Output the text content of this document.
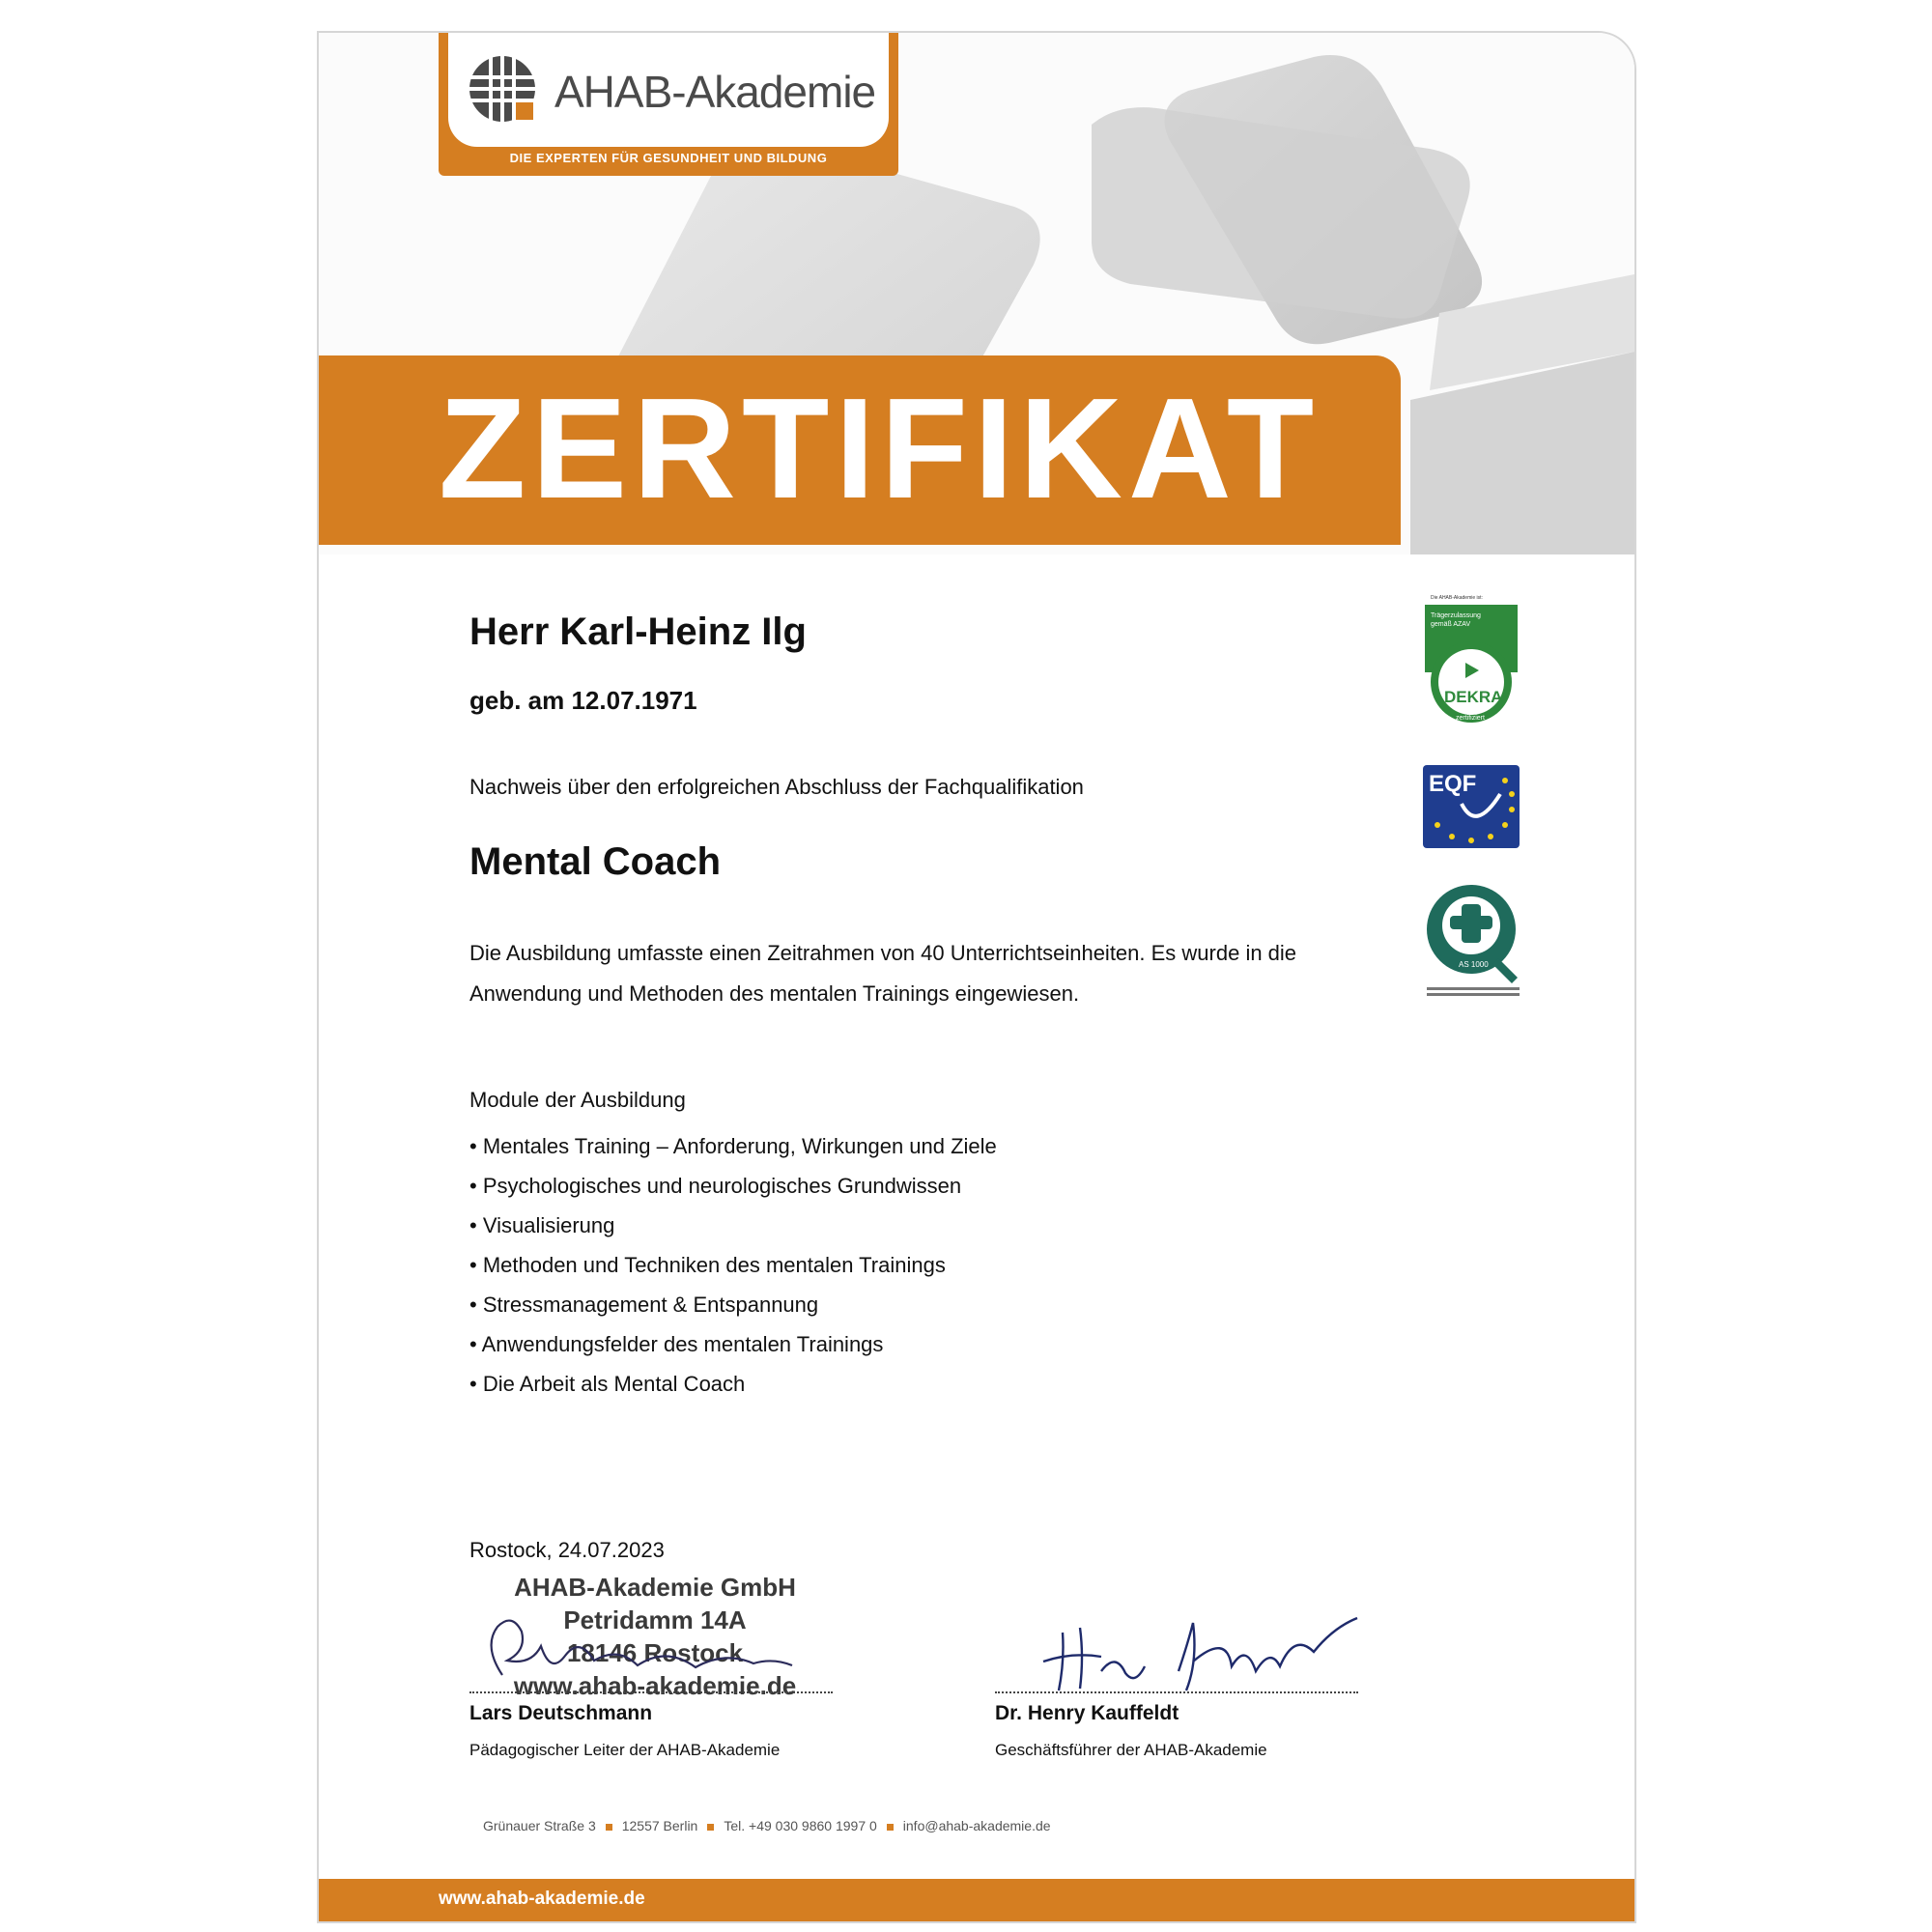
AHAB-Akademie
DIE EXPERTEN FÜR GESUNDHEIT UND BILDUNG
ZERTIFIKAT
Herr Karl-Heinz Ilg
geb. am 12.07.1971
Nachweis über den erfolgreichen Abschluss der Fachqualifikation
Mental Coach
Die Ausbildung umfasste einen Zeitrahmen von 40 Unterrichtseinheiten. Es wurde in die Anwendung und Methoden des mentalen Trainings eingewiesen.
Module der Ausbildung
• Mentales Training – Anforderung, Wirkungen und Ziele
• Psychologisches und neurologisches Grundwissen
• Visualisierung
• Methoden und Techniken des mentalen Trainings
• Stressmanagement & Entspannung
• Anwendungsfelder des mentalen Trainings
• Die Arbeit als Mental Coach
Rostock, 24.07.2023
AHAB-Akademie GmbH
Petridamm 14A
18146 Rostock
www.ahab-akademie.de
Lars Deutschmann
Pädagogischer Leiter der AHAB-Akademie
Dr. Henry Kauffeldt
Geschäftsführer der AHAB-Akademie
Die AHAB-Akademie ist:
Trägerzulassung
gemäß AZAV
DEKRA
zertifiziert
EQF
AS 1000
Grünauer Straße 3 12557 Berlin Tel. +49 030 9860 1997 0 info@ahab-akademie.de
www.ahab-akademie.de
